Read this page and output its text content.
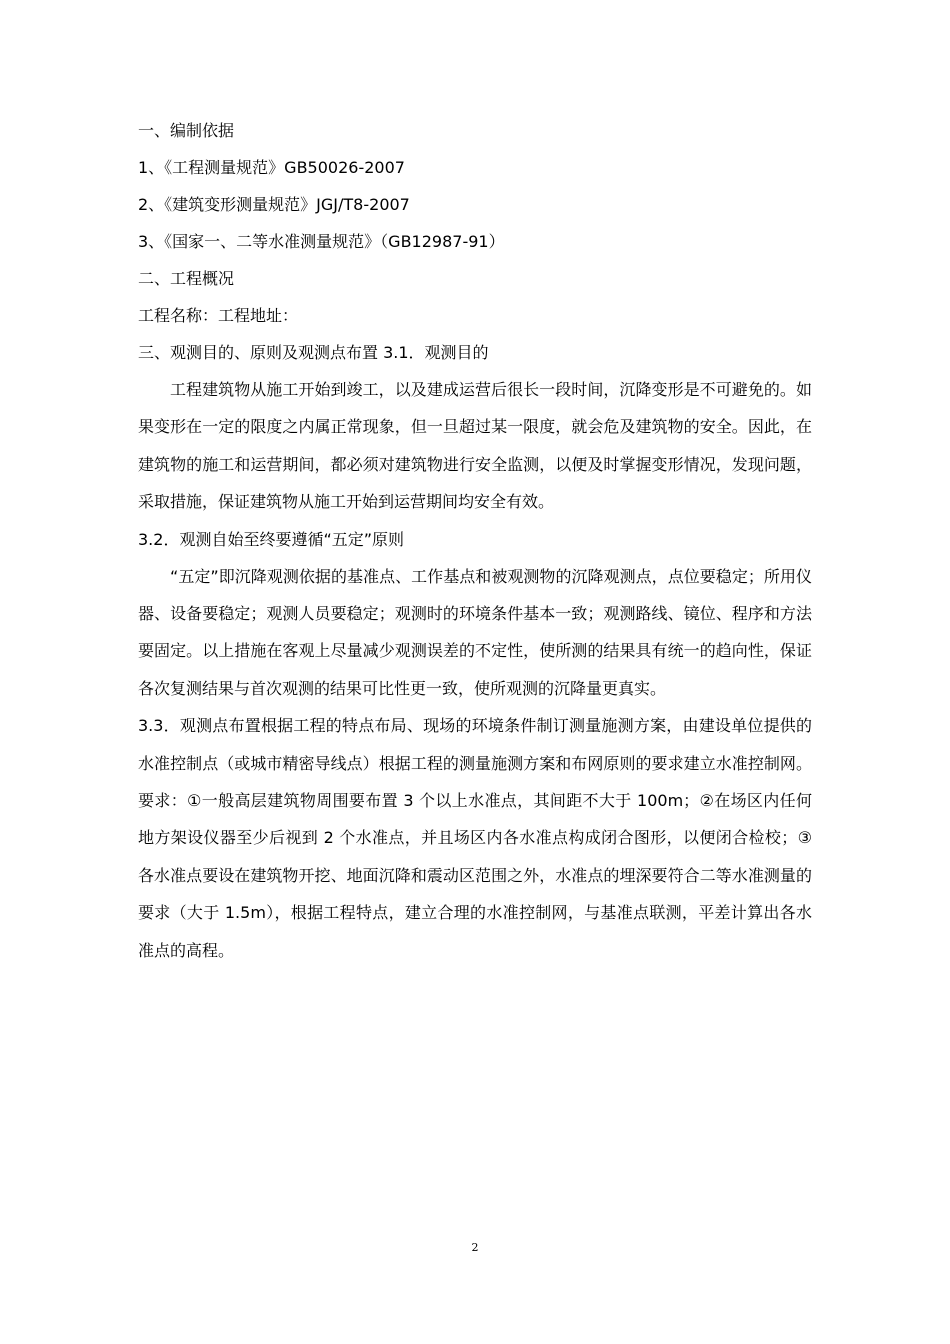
一、编制依据
1、《工程测量规范》GB50026-2007
2、《建筑变形测量规范》JGJ/T8-2007
3、《国家一、二等水准测量规范》（GB12987-91）
二、工程概况
工程名称：工程地址：
三、观测目的、原则及观测点布置 3.1．观测目的

工程建筑物从施工开始到竣工，以及建成运营后很长一段时间，沉降变形是不可避免的。如果变形在一定的限度之内属正常现象，但一旦超过某一限度，就会危及建筑物的安全。因此，在建筑物的施工和运营期间，都必须对建筑物进行安全监测，以便及时掌握变形情况，发现问题，采取措施，保证建筑物从施工开始到运营期间均安全有效。

3.2．观测自始至终要遵循“五定”原则

“五定”即沉降观测依据的基准点、工作基点和被观测物的沉降观测点，点位要稳定；所用仪器、设备要稳定；观测人员要稳定；观测时的环境条件基本一致；观测路线、镜位、程序和方法要固定。以上措施在客观上尽量减少观测误差的不定性，使所测的结果具有统一的趋向性，保证各次复测结果与首次观测的结果可比性更一致，使所观测的沉降量更真实。

3.3．观测点布置根据工程的特点布局、现场的环境条件制订测量施测方案，由建设单位提供的水准控制点（或城市精密导线点）根据工程的测量施测方案和布网原则的要求建立水准控制网。要求：①一般高层建筑物周围要布置 3 个以上水准点，其间距不大于 100m；②在场区内任何地方架设仪器至少后视到 2 个水准点，并且场区内各水准点构成闭合图形，以便闭合检校；③各水准点要设在建筑物开挖、地面沉降和震动区范围之外，水准点的埋深要符合二等水准测量的要求（大于 1.5m），根据工程特点，建立合理的水准控制网，与基准点联测，平差计算出各水准点的高程。

2
